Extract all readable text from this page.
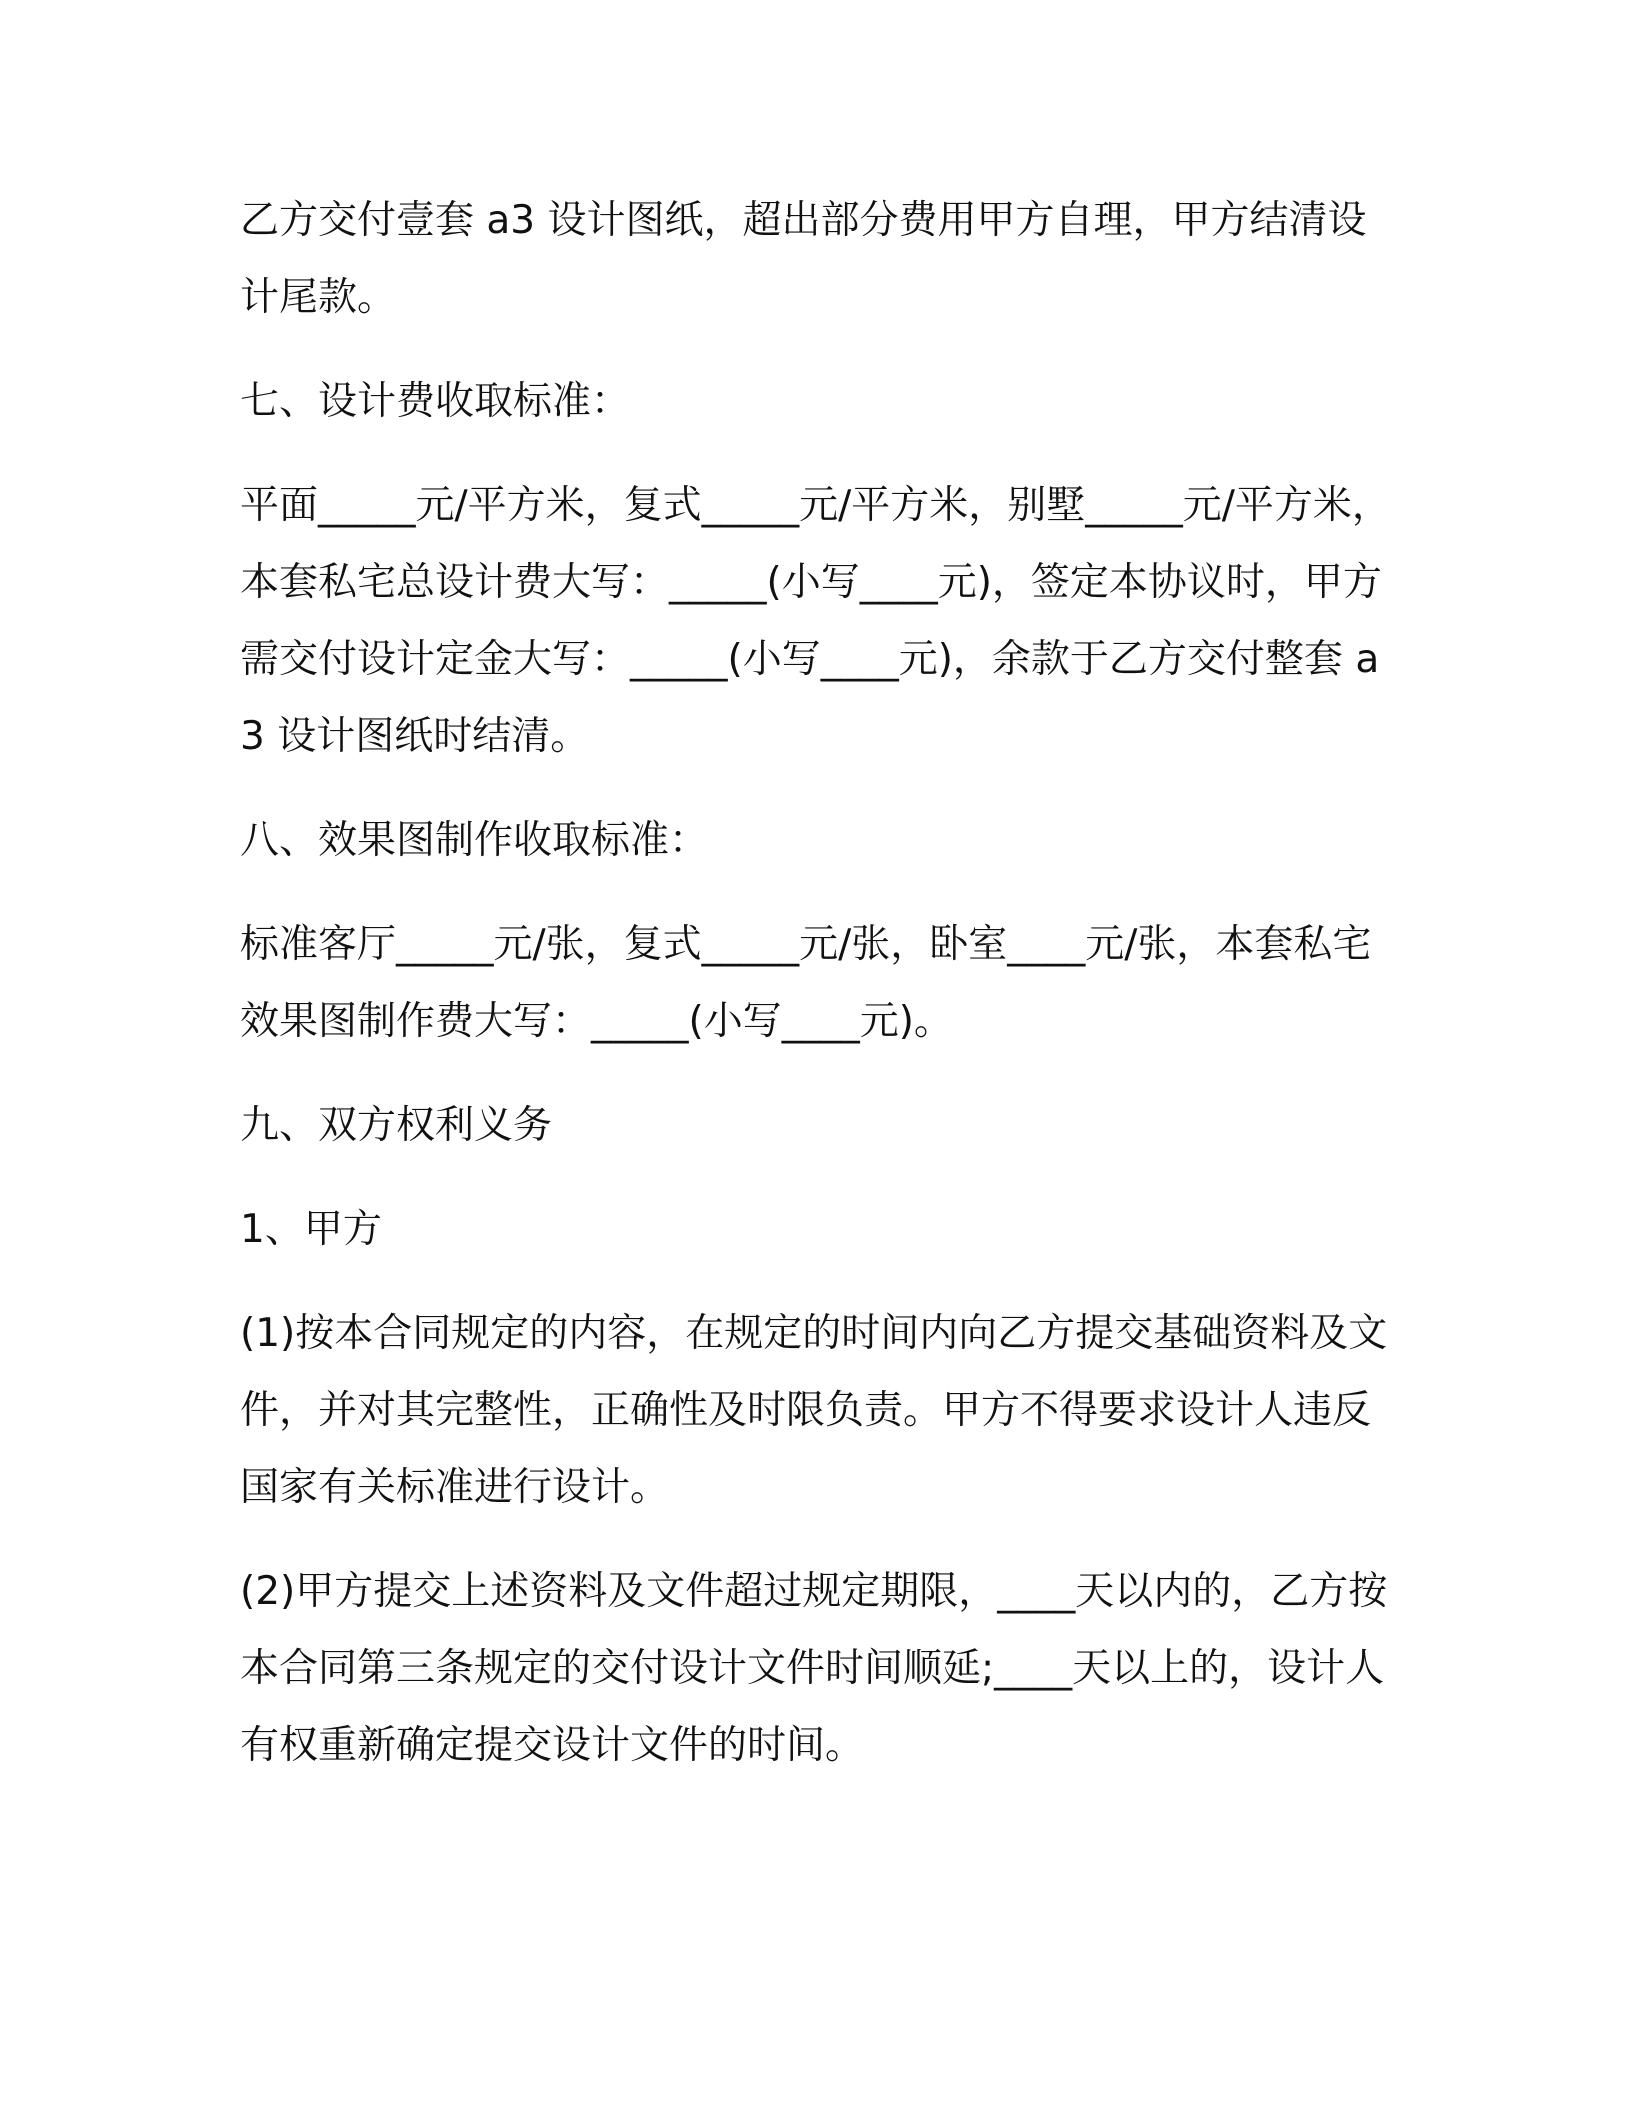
乙方交付壹套 a3 设计图纸，超出部分费用甲方自理，甲方结清设计尾款。

七、设计费收取标准：

平面_____元/平方米，复式_____元/平方米，别墅_____元/平方米，本套私宅总设计费大写：_____(小写____元)，签定本协议时，甲方需交付设计定金大写：_____(小写____元)，余款于乙方交付整套 a3 设计图纸时结清。

八、效果图制作收取标准：

标准客厅_____元/张，复式_____元/张，卧室____元/张，本套私宅效果图制作费大写：_____(小写____元)。

九、双方权利义务

1、甲方

(1)按本合同规定的内容，在规定的时间内向乙方提交基础资料及文件，并对其完整性，正确性及时限负责。甲方不得要求设计人违反国家有关标准进行设计。

(2)甲方提交上述资料及文件超过规定期限，____天以内的，乙方按本合同第三条规定的交付设计文件时间顺延;____天以上的，设计人有权重新确定提交设计文件的时间。
